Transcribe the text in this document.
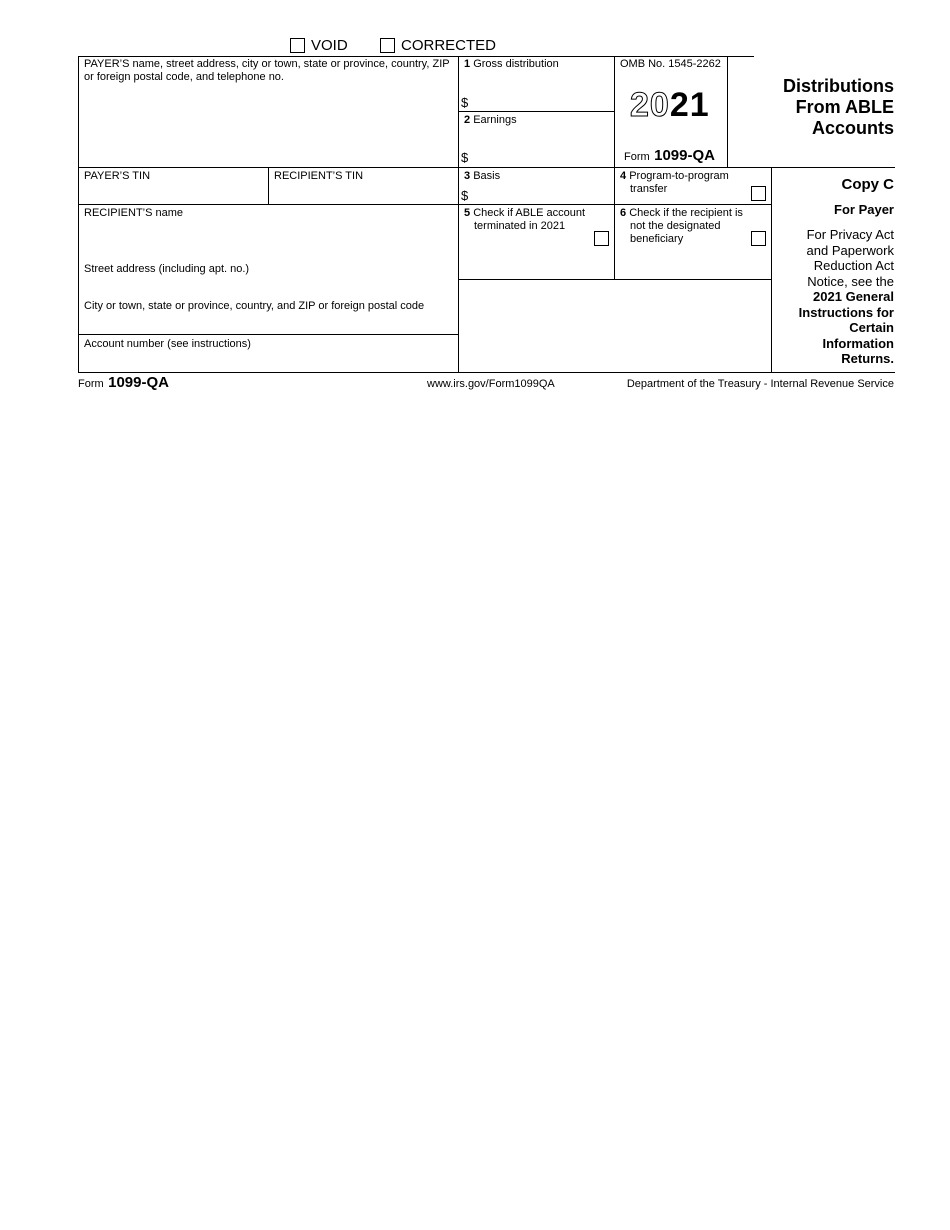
VOID	CORRECTED
PAYER’S name, street address, city or town, state or province, country, ZIP or foreign postal code, and telephone no.
1 Gross distribution
$
2 Earnings
$
OMB No. 1545-2262
2021
Form 1099-QA
Distributions
From ABLE
Accounts
PAYER’S TIN	RECIPIENT’S TIN	3 Basis
$
4 Program-to-program
transfer
RECIPIENT’S name
Street address (including apt. no.)
City or town, state or province, country, and ZIP or foreign postal code
Account number (see instructions)
5 Check if ABLE account
terminated in 2021
6 Check if the recipient is
not the designated
beneficiary
Copy C
For Payer
For Privacy Act
and Paperwork
Reduction Act
Notice, see the
2021 General
Instructions for
Certain
Information
Returns.
Form 1099-QA	www.irs.gov/Form1099QA	Department of the Treasury - Internal Revenue Service
